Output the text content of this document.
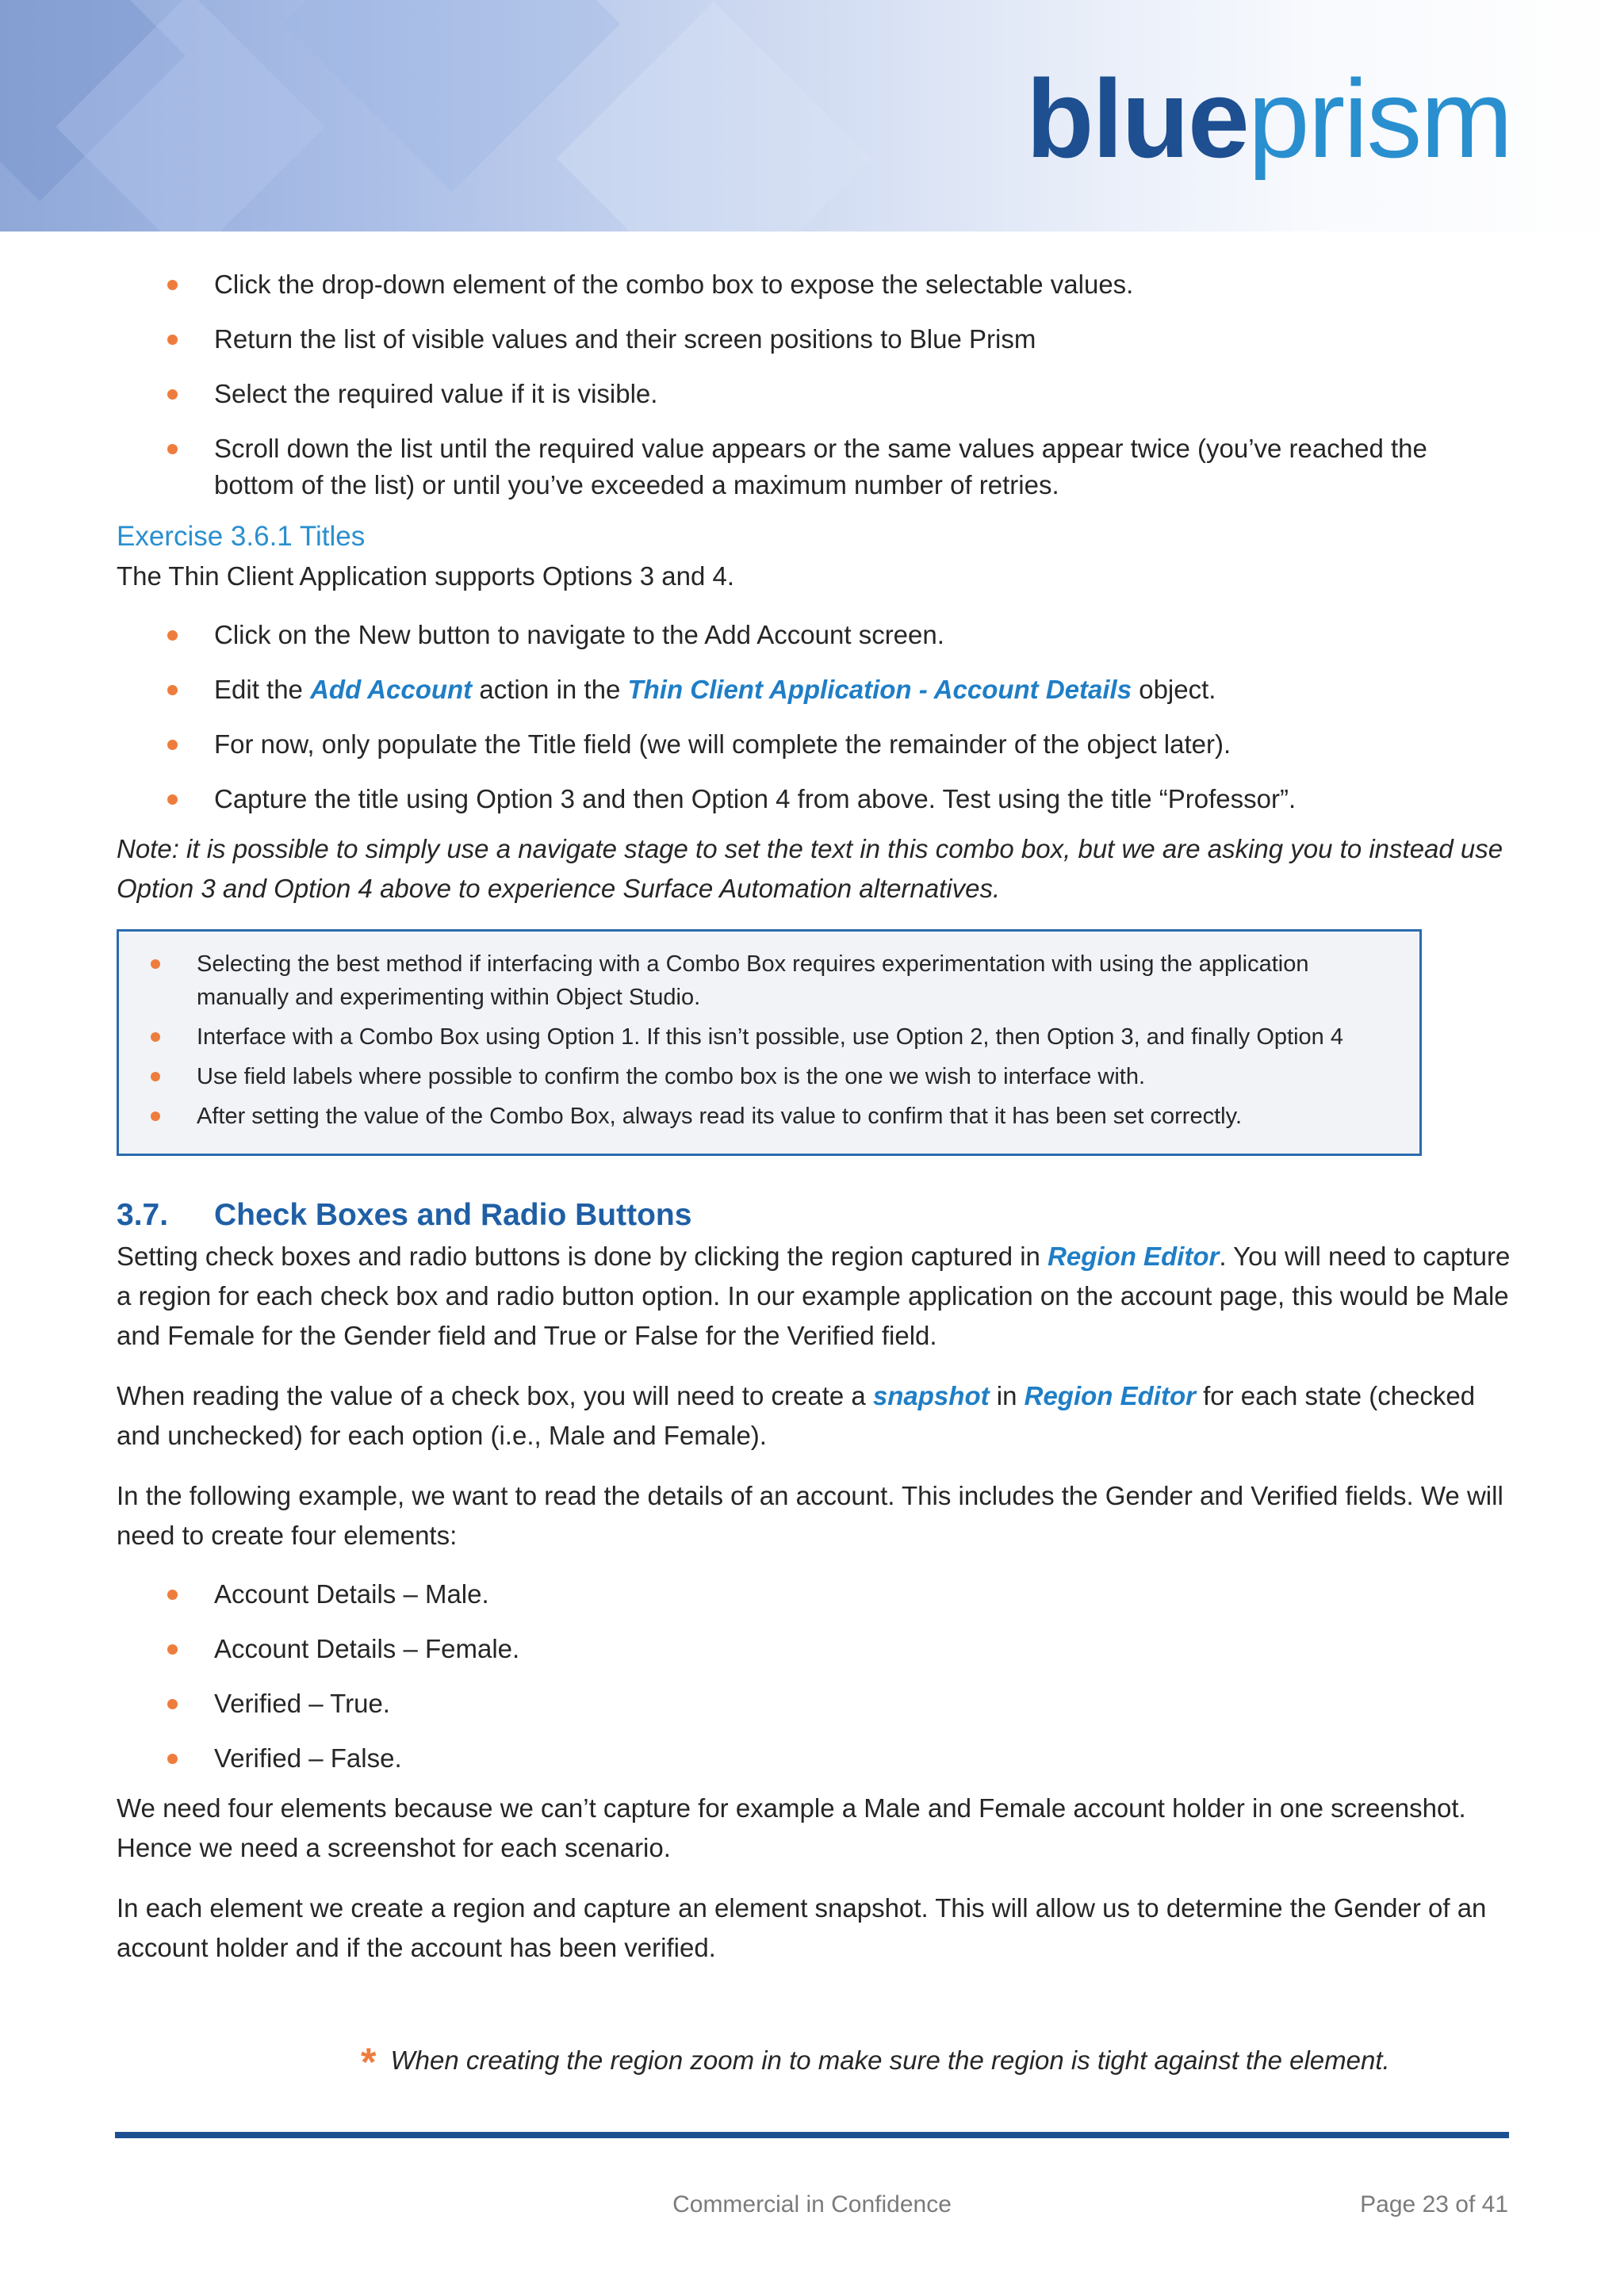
blueprism
Click the drop-down element of the combo box to expose the selectable values.
Return the list of visible values and their screen positions to Blue Prism
Select the required value if it is visible.
Scroll down the list until the required value appears or the same values appear twice (you’ve reached the bottom of the list) or until you’ve exceeded a maximum number of retries.

Exercise 3.6.1 Titles

The Thin Client Application supports Options 3 and 4.

Click on the New button to navigate to the Add Account screen.
Edit the Add Account action in the Thin Client Application - Account Details object.
For now, only populate the Title field (we will complete the remainder of the object later).
Capture the title using Option 3 and then Option 4 from above. Test using the title “Professor”.

Note: it is possible to simply use a navigate stage to set the text in this combo box, but we are asking you to instead use Option 3 and Option 4 above to experience Surface Automation alternatives.

Selecting the best method if interfacing with a Combo Box requires experimentation with using the application manually and experimenting within Object Studio.
Interface with a Combo Box using Option 1. If this isn’t possible, use Option 2, then Option 3, and finally Option 4
Use field labels where possible to confirm the combo box is the one we wish to interface with.
After setting the value of the Combo Box, always read its value to confirm that it has been set correctly.
3.7.	Check Boxes and Radio Buttons

Setting check boxes and radio buttons is done by clicking the region captured in Region Editor. You will need to capture a region for each check box and radio button option. In our example application on the account page, this would be Male and Female for the Gender field and True or False for the Verified field.

When reading the value of a check box, you will need to create a snapshot in Region Editor for each state (checked and unchecked) for each option (i.e., Male and Female).

In the following example, we want to read the details of an account. This includes the Gender and Verified fields. We will need to create four elements:

Account Details – Male.
Account Details – Female.
Verified – True.
Verified – False.

We need four elements because we can’t capture for example a Male and Female account holder in one screenshot. Hence we need a screenshot for each scenario.

In each element we create a region and capture an element snapshot. This will allow us to determine the Gender of an account holder and if the account has been verified.

* When creating the region zoom in to make sure the region is tight against the element.
Commercial in Confidence	Page 23 of 41
